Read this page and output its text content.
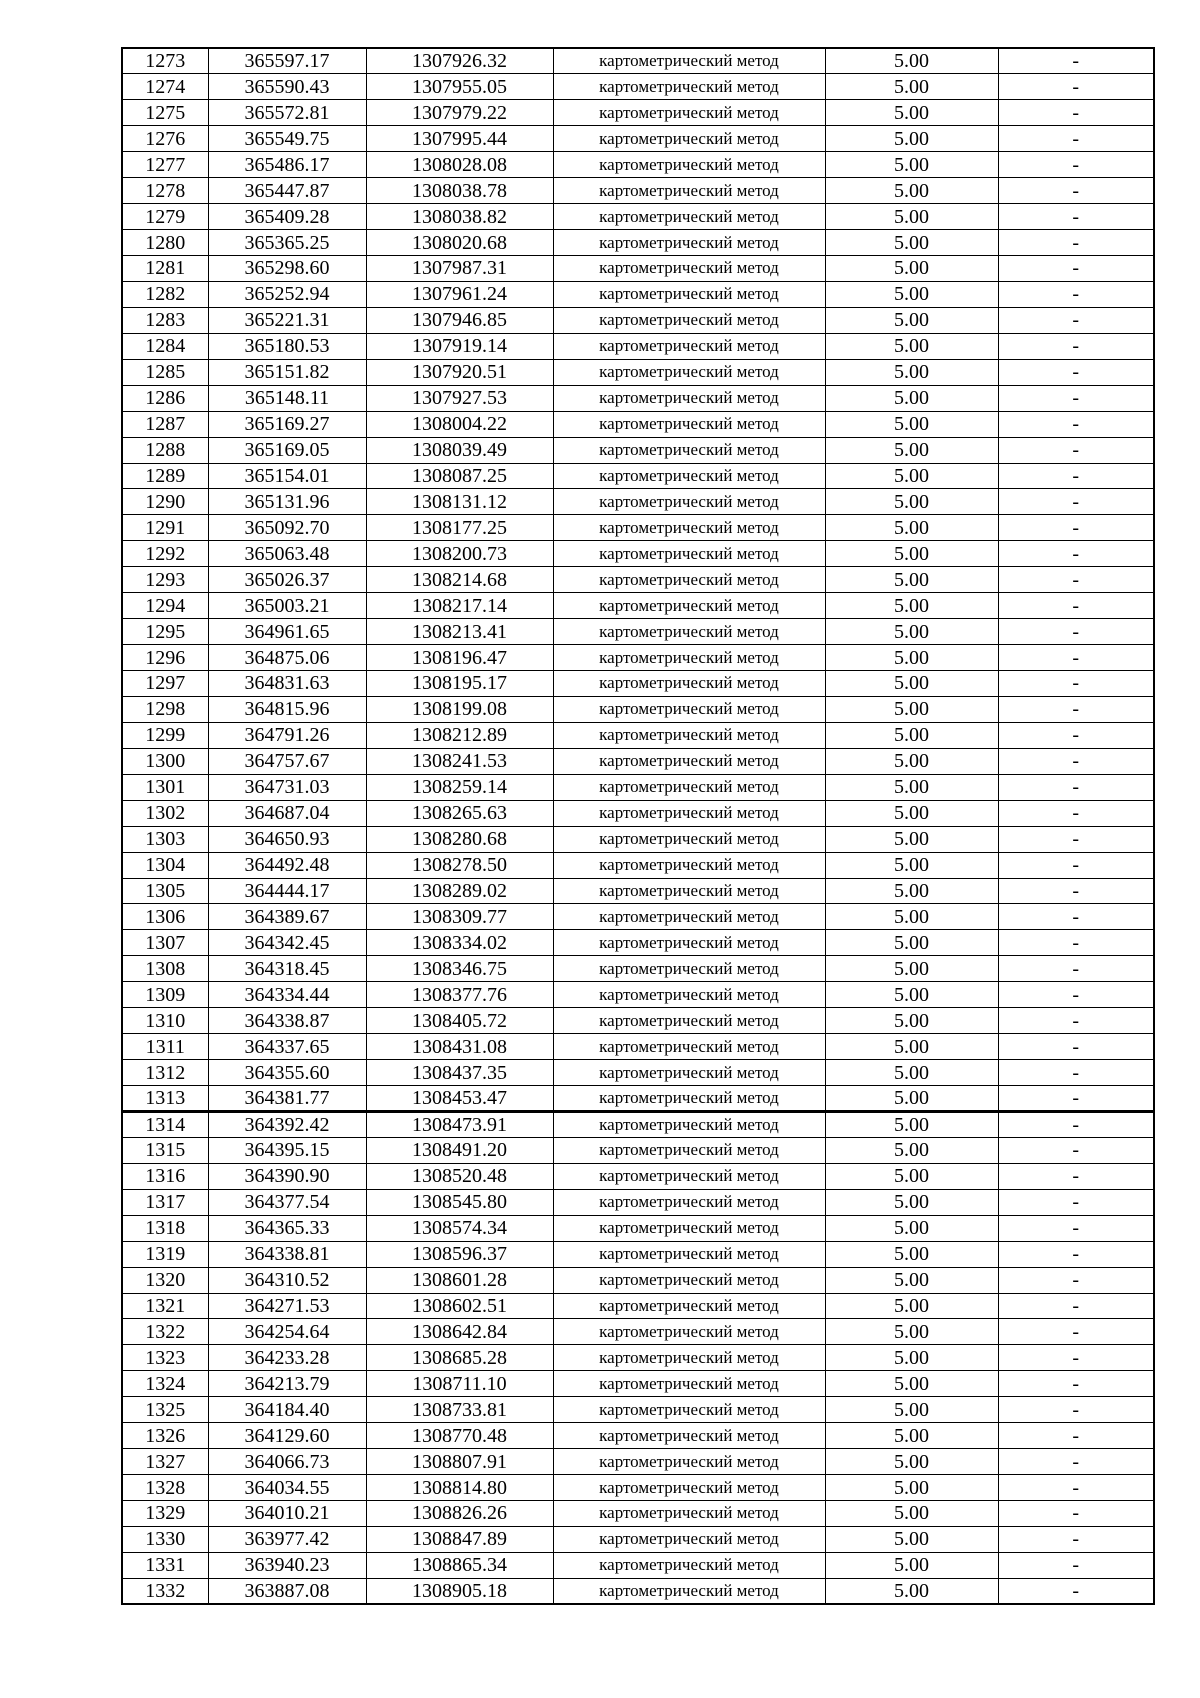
1273	365597.17	1307926.32	картометрический метод	5.00	-
1274	365590.43	1307955.05	картометрический метод	5.00	-
1275	365572.81	1307979.22	картометрический метод	5.00	-
1276	365549.75	1307995.44	картометрический метод	5.00	-
1277	365486.17	1308028.08	картометрический метод	5.00	-
1278	365447.87	1308038.78	картометрический метод	5.00	-
1279	365409.28	1308038.82	картометрический метод	5.00	-
1280	365365.25	1308020.68	картометрический метод	5.00	-
1281	365298.60	1307987.31	картометрический метод	5.00	-
1282	365252.94	1307961.24	картометрический метод	5.00	-
1283	365221.31	1307946.85	картометрический метод	5.00	-
1284	365180.53	1307919.14	картометрический метод	5.00	-
1285	365151.82	1307920.51	картометрический метод	5.00	-
1286	365148.11	1307927.53	картометрический метод	5.00	-
1287	365169.27	1308004.22	картометрический метод	5.00	-
1288	365169.05	1308039.49	картометрический метод	5.00	-
1289	365154.01	1308087.25	картометрический метод	5.00	-
1290	365131.96	1308131.12	картометрический метод	5.00	-
1291	365092.70	1308177.25	картометрический метод	5.00	-
1292	365063.48	1308200.73	картометрический метод	5.00	-
1293	365026.37	1308214.68	картометрический метод	5.00	-
1294	365003.21	1308217.14	картометрический метод	5.00	-
1295	364961.65	1308213.41	картометрический метод	5.00	-
1296	364875.06	1308196.47	картометрический метод	5.00	-
1297	364831.63	1308195.17	картометрический метод	5.00	-
1298	364815.96	1308199.08	картометрический метод	5.00	-
1299	364791.26	1308212.89	картометрический метод	5.00	-
1300	364757.67	1308241.53	картометрический метод	5.00	-
1301	364731.03	1308259.14	картометрический метод	5.00	-
1302	364687.04	1308265.63	картометрический метод	5.00	-
1303	364650.93	1308280.68	картометрический метод	5.00	-
1304	364492.48	1308278.50	картометрический метод	5.00	-
1305	364444.17	1308289.02	картометрический метод	5.00	-
1306	364389.67	1308309.77	картометрический метод	5.00	-
1307	364342.45	1308334.02	картометрический метод	5.00	-
1308	364318.45	1308346.75	картометрический метод	5.00	-
1309	364334.44	1308377.76	картометрический метод	5.00	-
1310	364338.87	1308405.72	картометрический метод	5.00	-
1311	364337.65	1308431.08	картометрический метод	5.00	-
1312	364355.60	1308437.35	картометрический метод	5.00	-
1313	364381.77	1308453.47	картометрический метод	5.00	-
1314	364392.42	1308473.91	картометрический метод	5.00	-
1315	364395.15	1308491.20	картометрический метод	5.00	-
1316	364390.90	1308520.48	картометрический метод	5.00	-
1317	364377.54	1308545.80	картометрический метод	5.00	-
1318	364365.33	1308574.34	картометрический метод	5.00	-
1319	364338.81	1308596.37	картометрический метод	5.00	-
1320	364310.52	1308601.28	картометрический метод	5.00	-
1321	364271.53	1308602.51	картометрический метод	5.00	-
1322	364254.64	1308642.84	картометрический метод	5.00	-
1323	364233.28	1308685.28	картометрический метод	5.00	-
1324	364213.79	1308711.10	картометрический метод	5.00	-
1325	364184.40	1308733.81	картометрический метод	5.00	-
1326	364129.60	1308770.48	картометрический метод	5.00	-
1327	364066.73	1308807.91	картометрический метод	5.00	-
1328	364034.55	1308814.80	картометрический метод	5.00	-
1329	364010.21	1308826.26	картометрический метод	5.00	-
1330	363977.42	1308847.89	картометрический метод	5.00	-
1331	363940.23	1308865.34	картометрический метод	5.00	-
1332	363887.08	1308905.18	картометрический метод	5.00	-
